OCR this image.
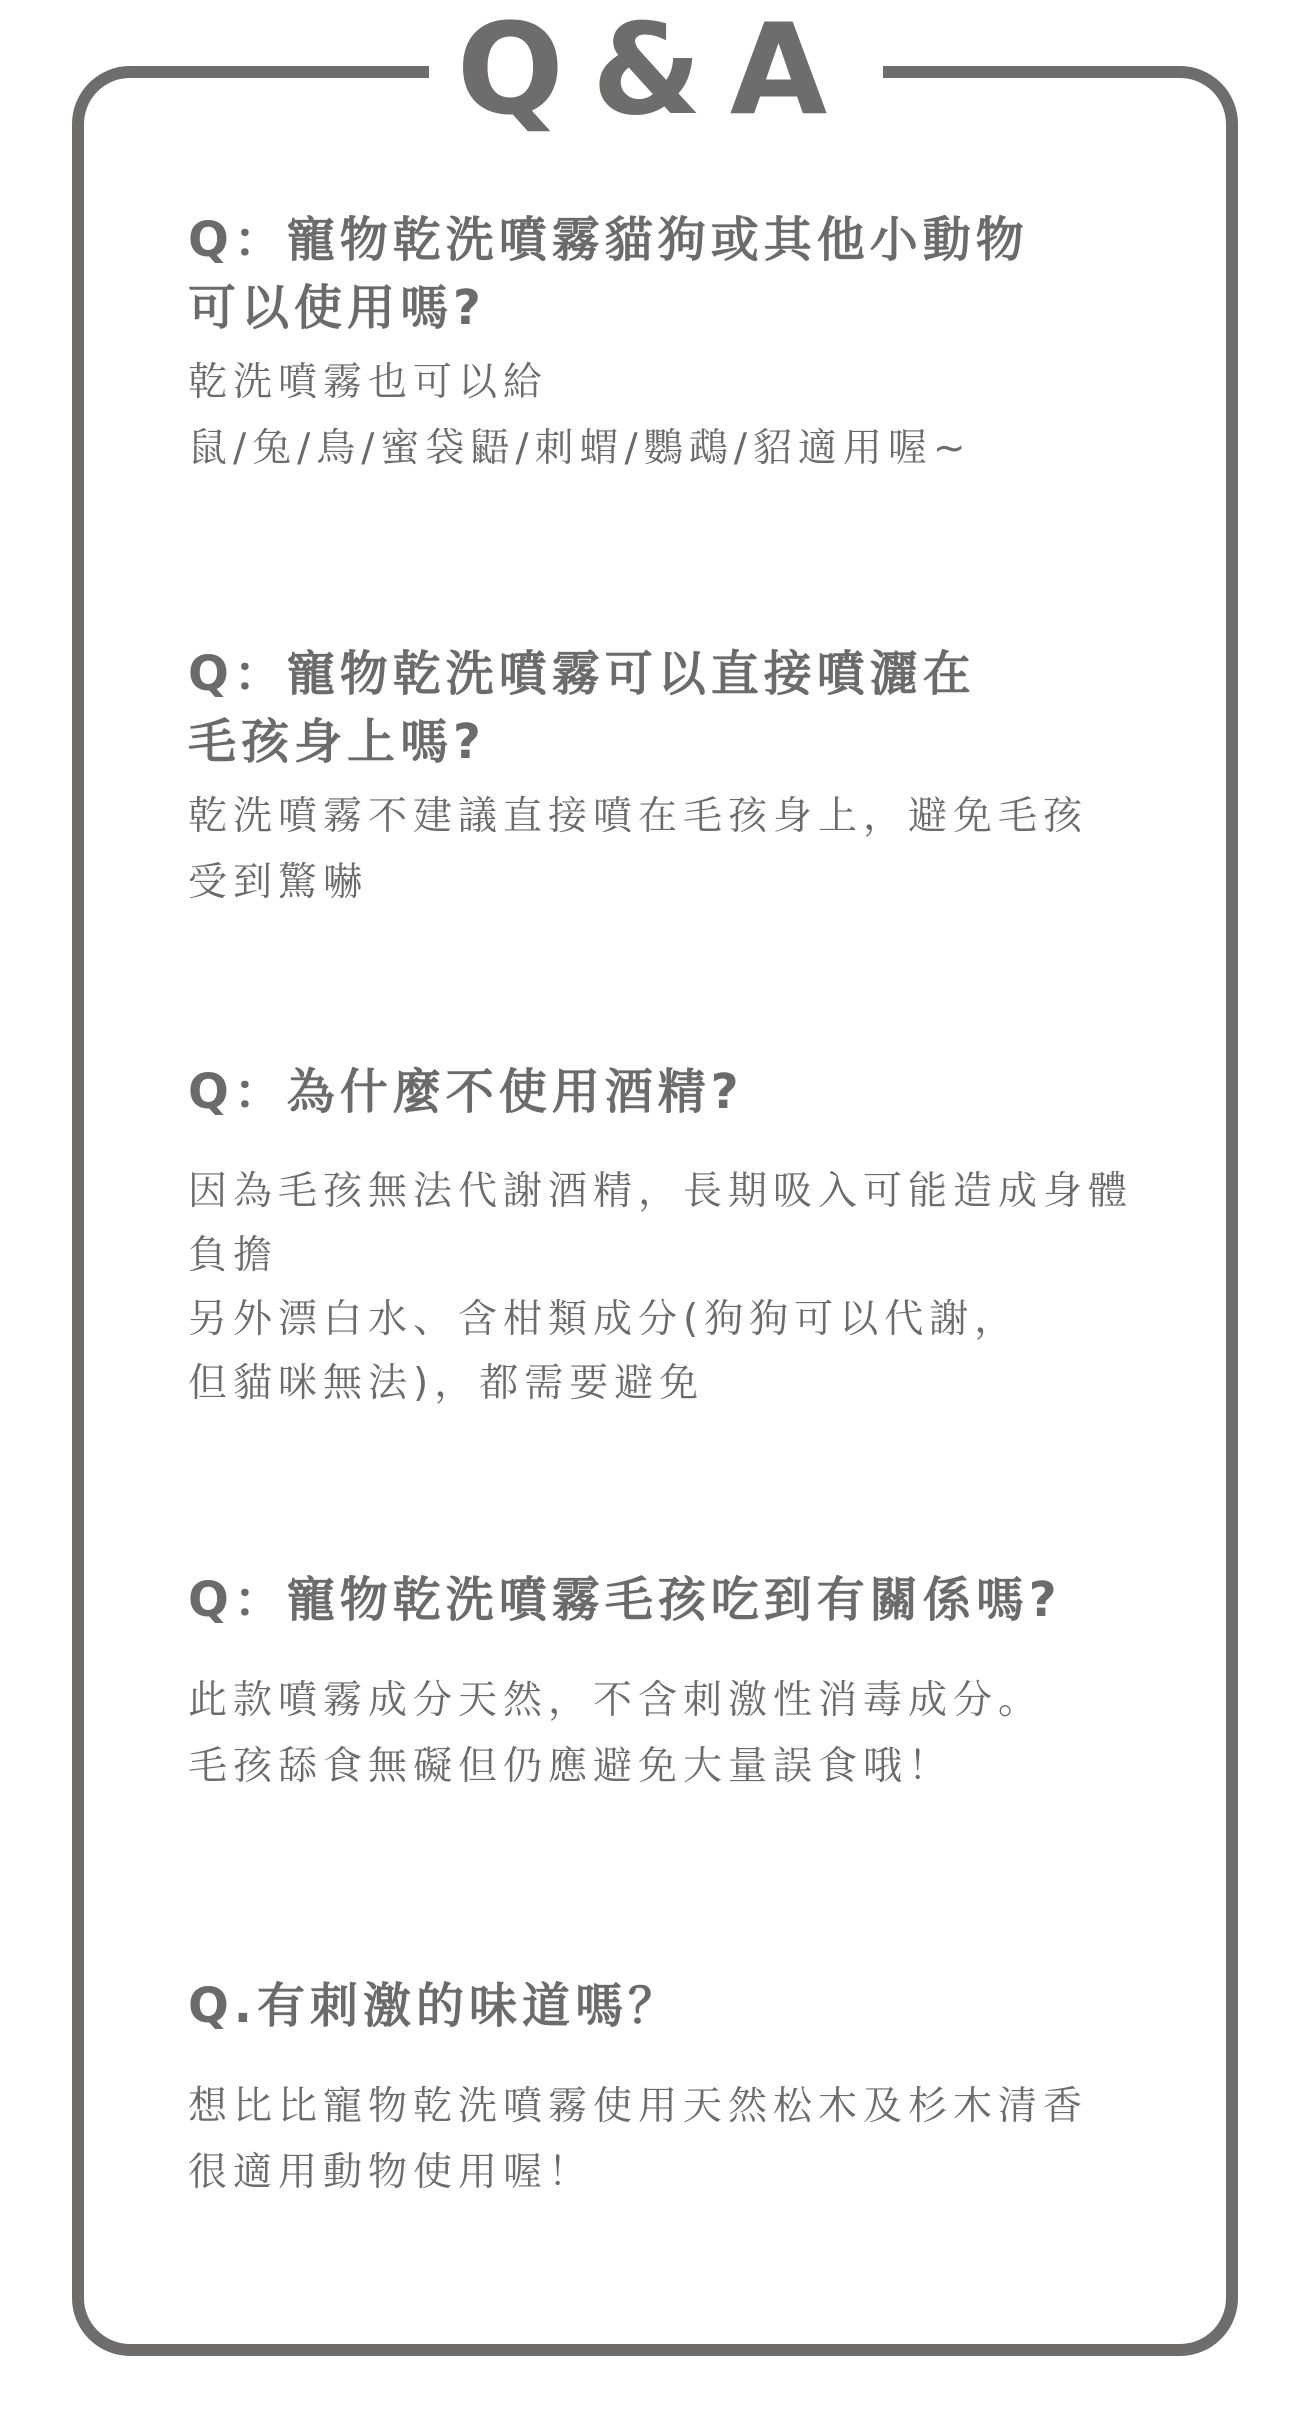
Q&A

Q：寵物乾洗噴霧貓狗或其他小動物
可以使用嗎?

乾洗噴霧也可以給
鼠/兔/鳥/蜜袋鼯/刺蝟/鸚鵡/貂適用喔~

Q：寵物乾洗噴霧可以直接噴灑在
毛孩身上嗎?

乾洗噴霧不建議直接噴在毛孩身上，避免毛孩
受到驚嚇

Q：為什麼不使用酒精?

因為毛孩無法代謝酒精，長期吸入可能造成身體
負擔
另外漂白水、含柑類成分(狗狗可以代謝，
但貓咪無法)，都需要避免

Q：寵物乾洗噴霧毛孩吃到有關係嗎?

此款噴霧成分天然，不含刺激性消毒成分。
毛孩舔食無礙但仍應避免大量誤食哦！

Q.有刺激的味道嗎？

想比比寵物乾洗噴霧使用天然松木及杉木清香
很適用動物使用喔！
